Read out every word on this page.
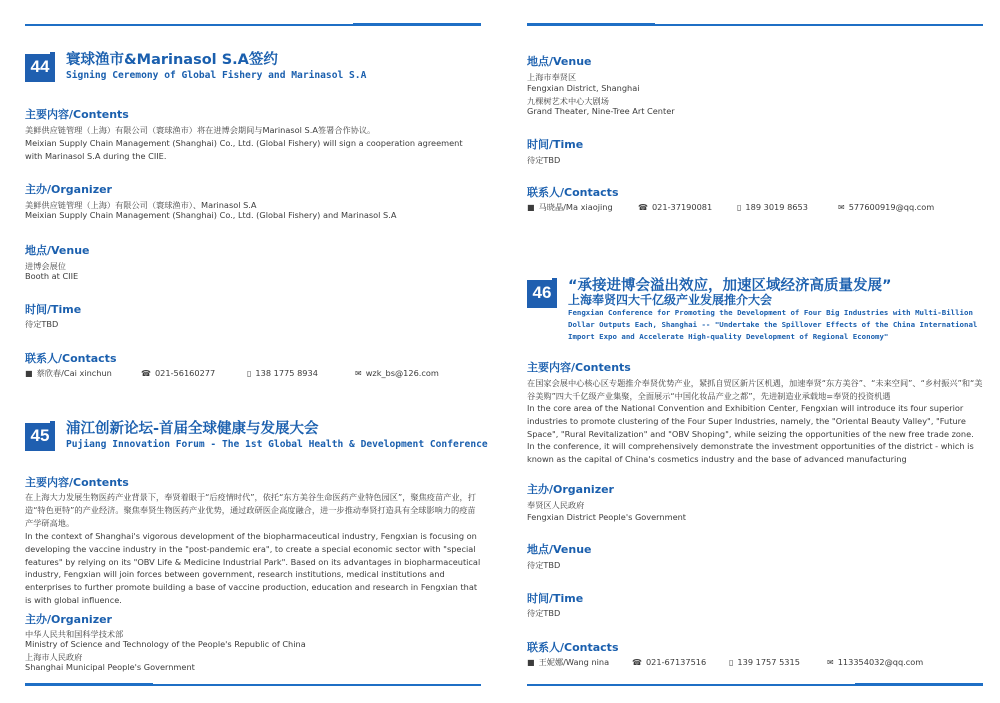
44	寰球渔市&Marinasol S.A签约
Signing Ceremony of Global Fishery and Marinasol S.A
主要内容/Contents
美鲜供应链管理（上海）有限公司（寰球渔市）将在进博会期间与Marinasol S.A签署合作协议。
Meixian Supply Chain Management (Shanghai) Co., Ltd. (Global Fishery) will sign a cooperation agreement with Marinasol S.A during the CIIE.
主办/Organizer
美鲜供应链管理（上海）有限公司（寰球渔市）、Marinasol S.A
Meixian Supply Chain Management (Shanghai) Co., Ltd. (Global Fishery) and Marinasol S.A
地点/Venue
进博会展位
Booth at CIIE
时间/Time
待定TBD
联系人/Contacts
■ 蔡欣春/Cai xinchun	☎ 021-56160277	▯ 138 1775 8934	✉ wzk_bs@126.com
45	浦江创新论坛-首届全球健康与发展大会
Pujiang Innovation Forum - The 1st Global Health & Development Conference
主要内容/Contents
在上海大力发展生物医药产业背景下，奉贤着眼于“后疫情时代”，依托“东方美谷生命医药产业特色园区”，聚焦疫苗产业，打造“特色更特”的产业经济。聚焦奉贤生物医药产业优势，通过政研医企高度融合，进一步推动奉贤打造具有全球影响力的疫苗产学研高地。
In the context of Shanghai's vigorous development of the biopharmaceutical industry, Fengxian is focusing on developing the vaccine industry in the "post-pandemic era", to create a special economic sector with "special features" by relying on its "OBV Life & Medicine Industrial Park". Based on its advantages in biopharmaceutical industry, Fengxian will join forces between government, research institutions, medical institutions and enterprises to further promote building a base of vaccine production, education and research in Fengxian that is with global influence.
主办/Organizer
中华人民共和国科学技术部
Ministry of Science and Technology of the People's Republic of China
上海市人民政府
Shanghai Municipal People's Government
地点/Venue
上海市奉贤区
Fengxian District, Shanghai
九棵树艺术中心大剧场
Grand Theater, Nine-Tree Art Center
时间/Time
待定TBD
联系人/Contacts
■ 马晓晶/Ma xiaojing	☎ 021-37190081	▯ 189 3019 8653	✉ 577600919@qq.com
46	“承接进博会溢出效应，加速区域经济高质量发展”
上海奉贤四大千亿级产业发展推介大会
Fengxian Conference for Promoting the Development of Four Big Industries with Multi-Billion Dollar Outputs Each, Shanghai -- "Undertake the Spillover Effects of the China International Import Expo and Accelerate High-quality Development of Regional Economy"
主要内容/Contents
在国家会展中心核心区专题推介奉贤优势产业，紧抓自贸区新片区机遇，加速奉贤“东方美谷”、“未来空间”、“乡村振兴”和“美谷美购”四大千亿级产业集聚，全面展示“中国化妆品产业之都”，先进制造业承载地=奉贤的投资机遇
In the core area of the National Convention and Exhibition Center, Fengxian will introduce its four superior industries to promote clustering of the Four Super Industries, namely, the "Oriental Beauty Valley", "Future Space", "Rural Revitalization" and "OBV Shoping", while seizing the opportunities of the new free trade zone. In the conference, it will comprehensively demonstrate the investment opportunities of the district - which is known as the capital of China's cosmetics industry and the base of advanced manufacturing
主办/Organizer
奉贤区人民政府
Fengxian District People's Government
地点/Venue
待定TBD
时间/Time
待定TBD
联系人/Contacts
■ 王妮娜/Wang nina	☎ 021-67137516	▯ 139 1757 5315	✉ 113354032@qq.com
